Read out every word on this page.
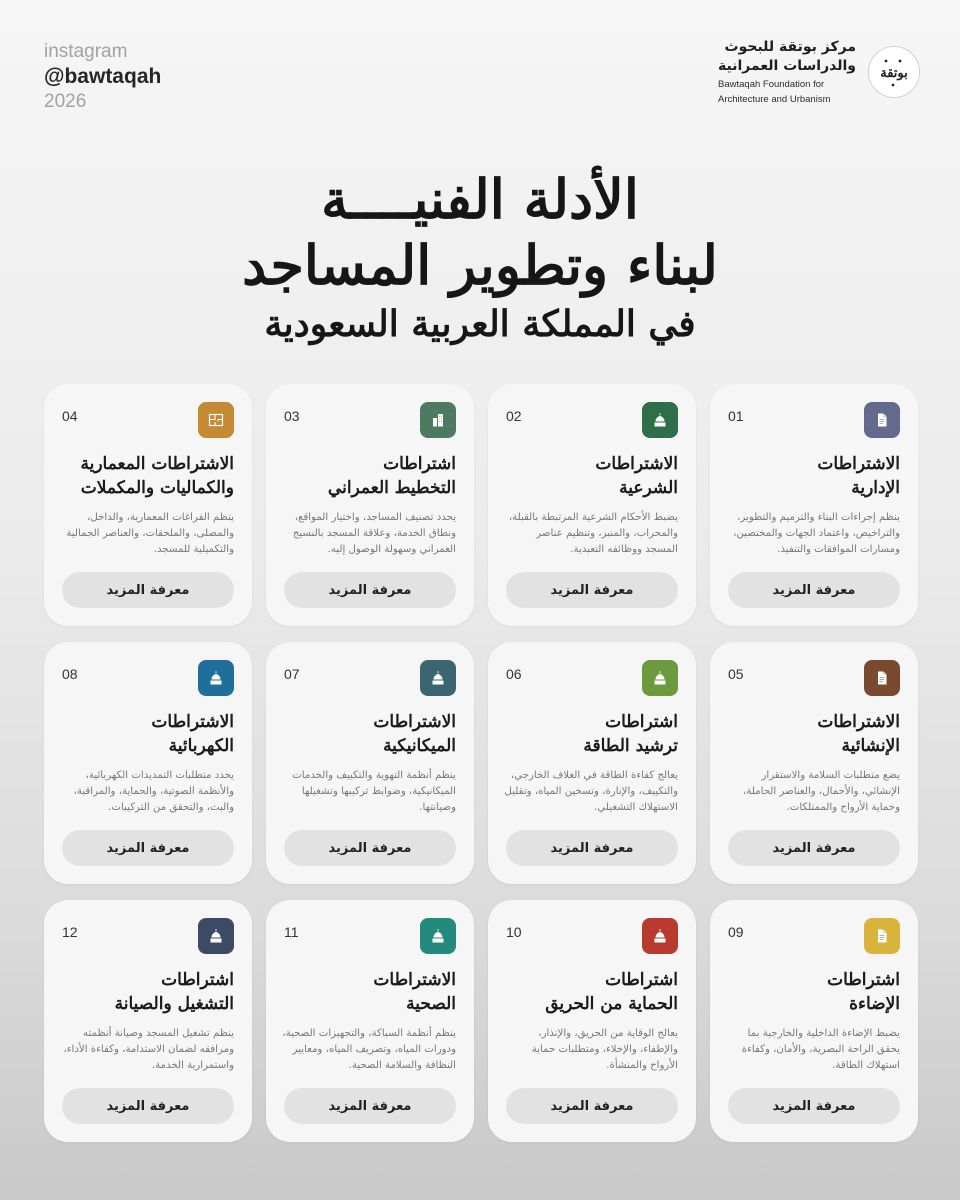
instagram
@bawtaqah
2026
مركز بوتقة للبحوث
والدراسات العمرانية
Bawtaqah Foundation for
Architecture and Urbanism
بوتقة
الأدلة الفنيــــة
لبناء وتطوير المساجد
في المملكة العربية السعودية
01
الاشتراطات
الإدارية
ينظم إجراءات البناء والترميم والتطوير، والتراخيص، واعتماد الجهات والمختصين، ومسارات الموافقات والتنفيذ.
معرفة المزيد
02
الاشتراطات
الشرعية
يضبط الأحكام الشرعية المرتبطة بالقبلة، والمحراب، والمنبر، وتنظيم عناصر المسجد ووظائفه التعبدية.
معرفة المزيد
03
اشتراطات
التخطيط العمراني
يحدد تصنيف المساجد، واختيار المواقع، ونطاق الخدمة، وعلاقة المسجد بالنسيج العمراني وسهولة الوصول إليه.
معرفة المزيد
04
الاشتراطات المعمارية
والكماليات والمكملات
ينظم الفراغات المعمارية، والداخل، والمصلى، والملحقات، والعناصر الجمالية والتكميلية للمسجد.
معرفة المزيد
05
الاشتراطات
الإنشائية
يضع متطلبات السلامة والاستقرار الإنشائي، والأحمال، والعناصر الحاملة، وحماية الأرواح والممتلكات.
معرفة المزيد
06
اشتراطات
ترشيد الطاقة
يعالج كفاءة الطاقة في الغلاف الخارجي، والتكييف، والإنارة، وتسخين المياه، وتقليل الاستهلاك التشغيلي.
معرفة المزيد
07
الاشتراطات
الميكانيكية
ينظم أنظمة التهوية والتكييف والخدمات الميكانيكية، وضوابط تركيبها وتشغيلها وصيانتها.
معرفة المزيد
08
الاشتراطات
الكهربائية
يحدد متطلبات التمديدات الكهربائية، والأنظمة الصوتية، والحماية، والمراقبة، والبث، والتحقق من التركيبات.
معرفة المزيد
09
اشتراطات
الإضاءة
يضبط الإضاءة الداخلية والخارجية بما يحقق الراحة البصرية، والأمان، وكفاءة استهلاك الطاقة.
معرفة المزيد
10
اشتراطات
الحماية من الحريق
يعالج الوقاية من الحريق، والإنذار، والإطفاء، والإخلاء، ومتطلبات حماية الأرواح والمنشأة.
معرفة المزيد
11
الاشتراطات
الصحية
ينظم أنظمة السباكة، والتجهيزات الصحية، ودورات المياه، وتصريف المياه، ومعايير النظافة والسلامة الصحية.
معرفة المزيد
12
اشتراطات
التشغيل والصيانة
ينظم تشغيل المسجد وصيانة أنظمته ومرافقه لضمان الاستدامة، وكفاءة الأداء، واستمرارية الخدمة.
معرفة المزيد
